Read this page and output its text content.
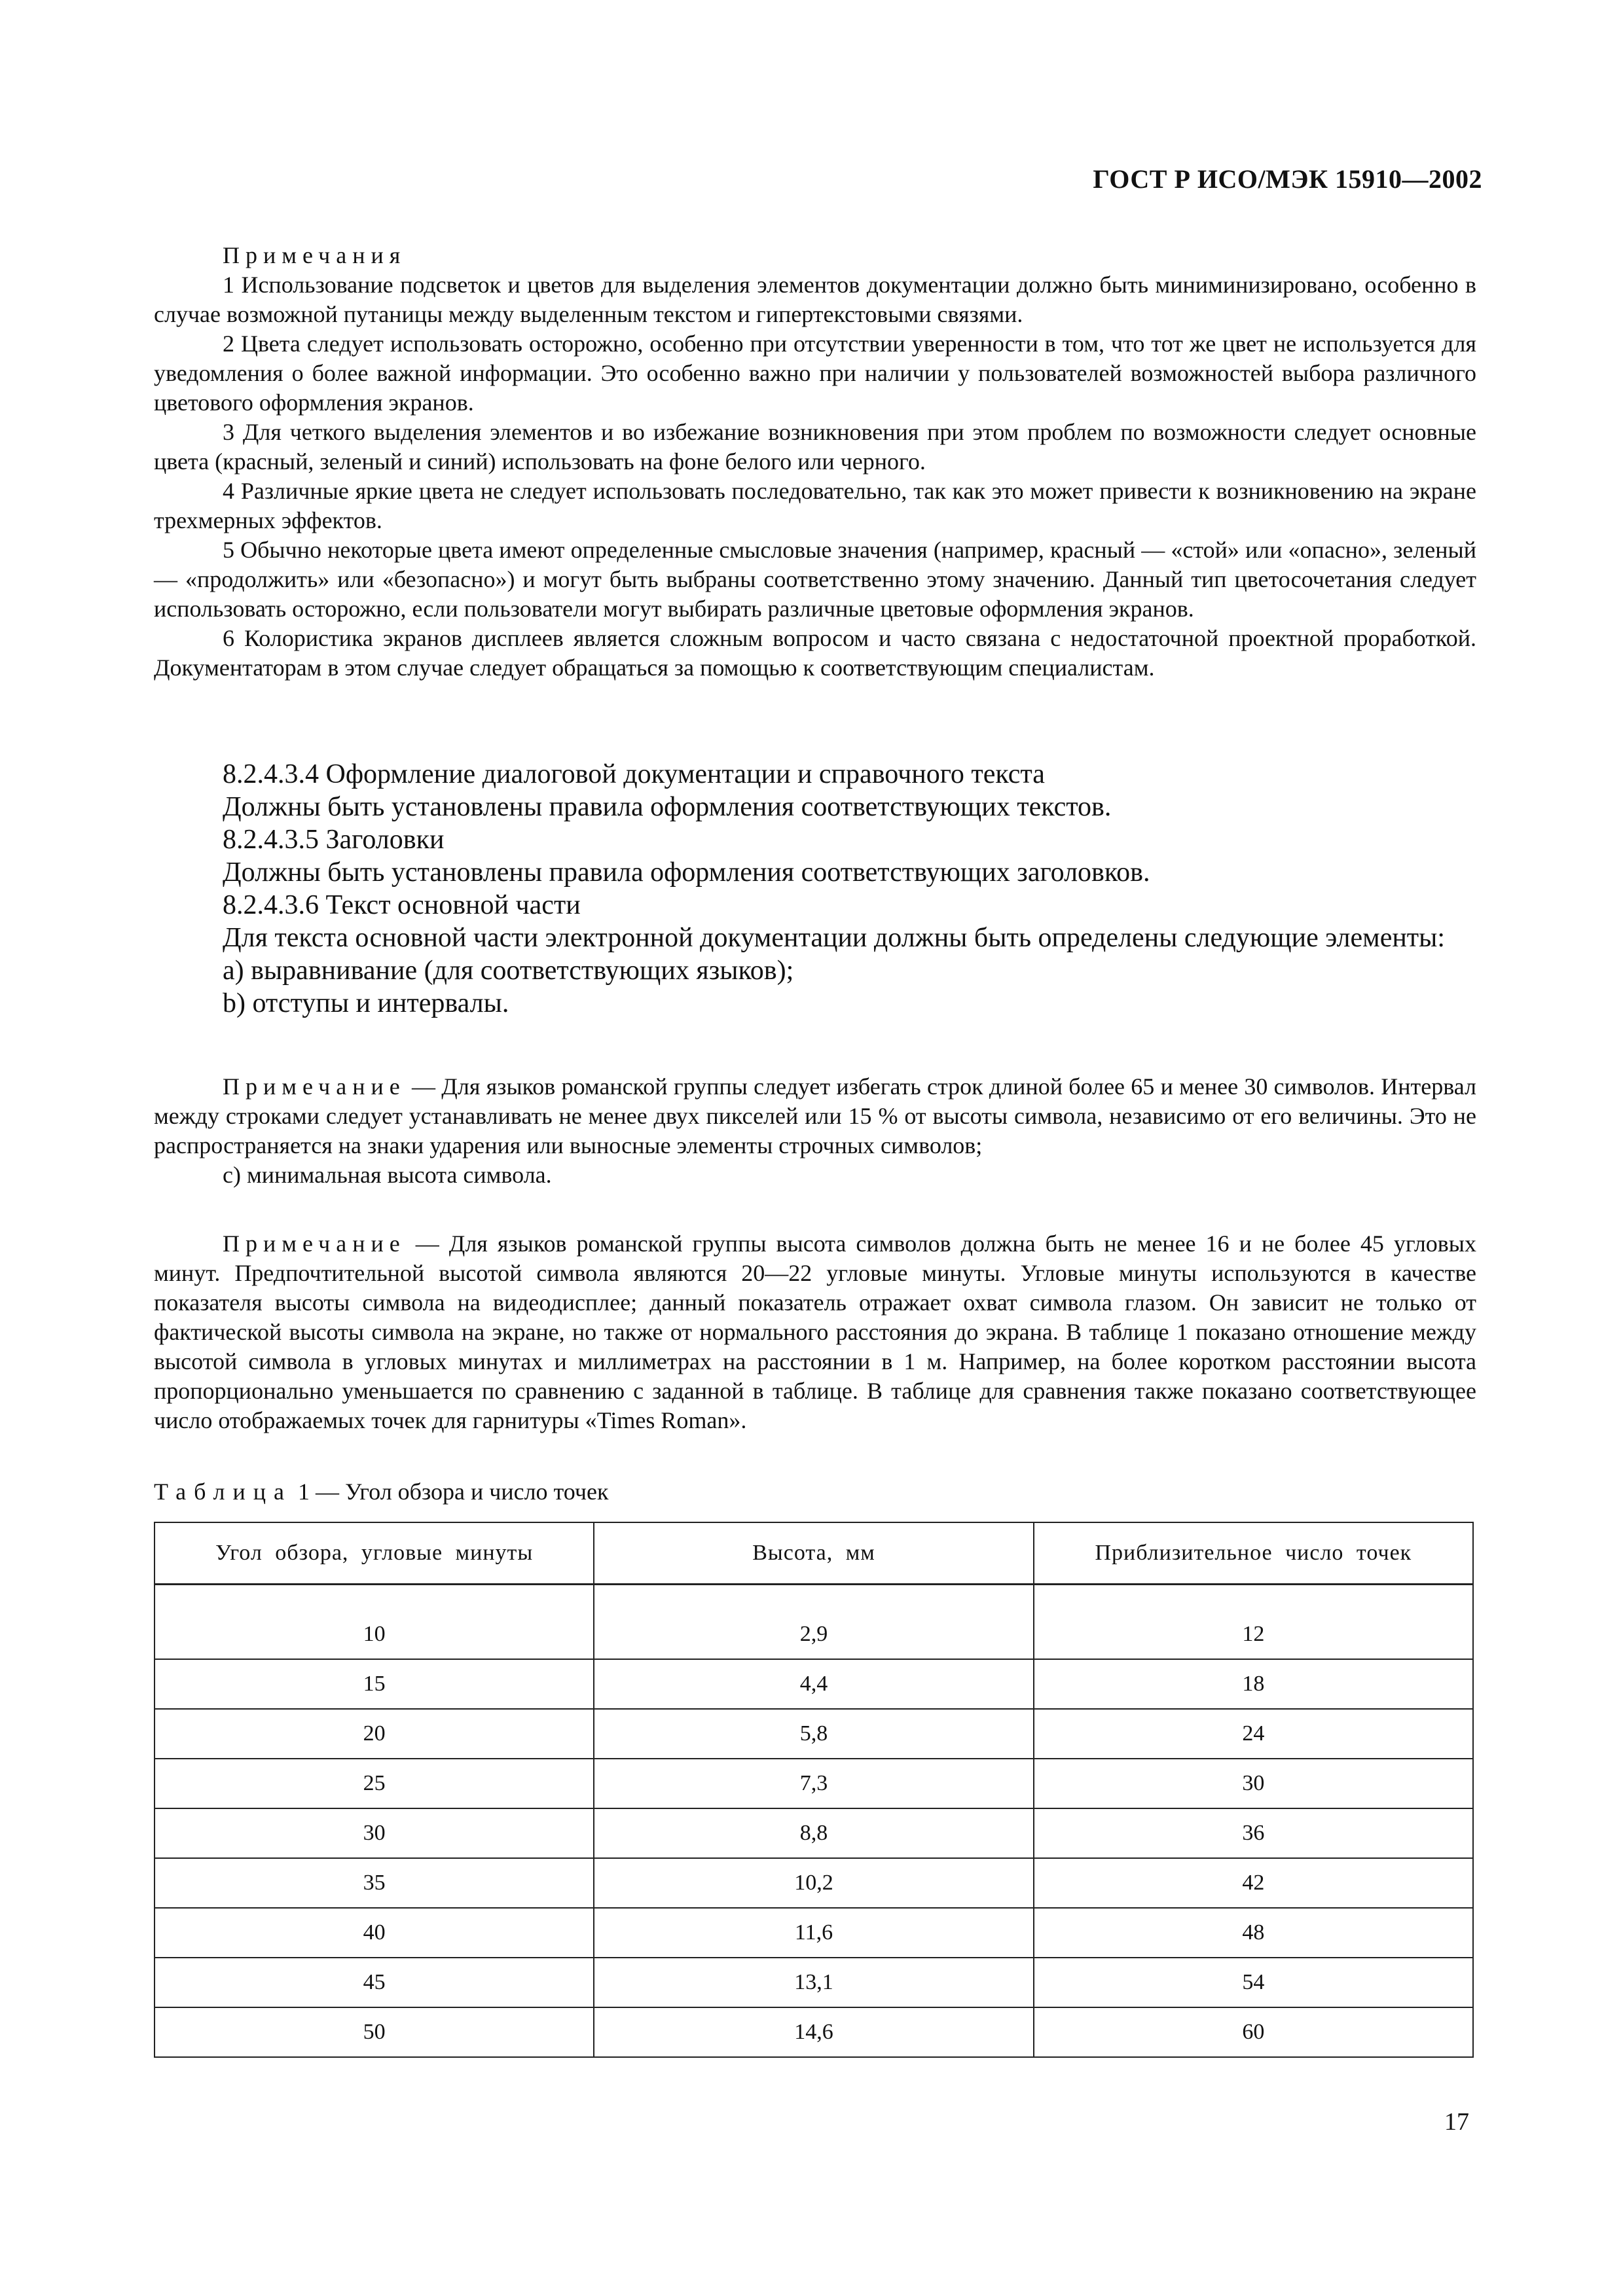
ГОСТ Р ИСО/МЭК 15910—2002

Примечания

1 Использование подсветок и цветов для выделения элементов документации должно быть миниминизировано, особенно в случае возможной путаницы между выделенным текстом и гипертекстовыми связями.

2 Цвета следует использовать осторожно, особенно при отсутствии уверенности в том, что тот же цвет не используется для уведомления о более важной информации. Это особенно важно при наличии у пользователей возможностей выбора различного цветового оформления экранов.

3 Для четкого выделения элементов и во избежание возникновения при этом проблем по возможности следует основные цвета (красный, зеленый и синий) использовать на фоне белого или черного.

4 Различные яркие цвета не следует использовать последовательно, так как это может привести к возникновению на экране трехмерных эффектов.

5 Обычно некоторые цвета имеют определенные смысловые значения (например, красный — «стой» или «опасно», зеленый — «продолжить» или «безопасно») и могут быть выбраны соответственно этому значению. Данный тип цветосочетания следует использовать осторожно, если пользователи могут выбирать различные цветовые оформления экранов.

6 Колористика экранов дисплеев является сложным вопросом и часто связана с недостаточной проектной проработкой. Документаторам в этом случае следует обращаться за помощью к соответствующим специалистам.

8.2.4.3.4 Оформление диалоговой документации и справочного текста

Должны быть установлены правила оформления соответствующих текстов.

8.2.4.3.5 Заголовки

Должны быть установлены правила оформления соответствующих заголовков.

8.2.4.3.6 Текст основной части

Для текста основной части электронной документации должны быть определены следующие элементы:

a) выравнивание (для соответствующих языков);

b) отступы и интервалы.

Примечание — Для языков романской группы следует избегать строк длиной более 65 и менее 30 символов. Интервал между строками следует устанавливать не менее двух пикселей или 15 % от высоты символа, независимо от его величины. Это не распространяется на знаки ударения или выносные элементы строчных символов;

c) минимальная высота символа.

Примечание — Для языков романской группы высота символов должна быть не менее 16 и не более 45 угловых минут. Предпочтительной высотой символа являются 20—22 угловые минуты. Угловые минуты используются в качестве показателя высоты символа на видеодисплее; данный показатель отражает охват символа глазом. Он зависит не только от фактической высоты символа на экране, но также от нормального расстояния до экрана. В таблице 1 показано отношение между высотой символа в угловых минутах и миллиметрах на расстоянии в 1 м. Например, на более коротком расстоянии высота пропорционально уменьшается по сравнению с заданной в таблице. В таблице для сравнения также показано соответствующее число отображаемых точек для гарнитуры «Times Roman».

Таблица 1 — Угол обзора и число точек
Угол обзора, угловые минуты	Высота, мм	Приблизительное число точек

10	2,9	12
15	4,4	18
20	5,8	24
25	7,3	30
30	8,8	36
35	10,2	42
40	11,6	48
45	13,1	54
50	14,6	60
17
